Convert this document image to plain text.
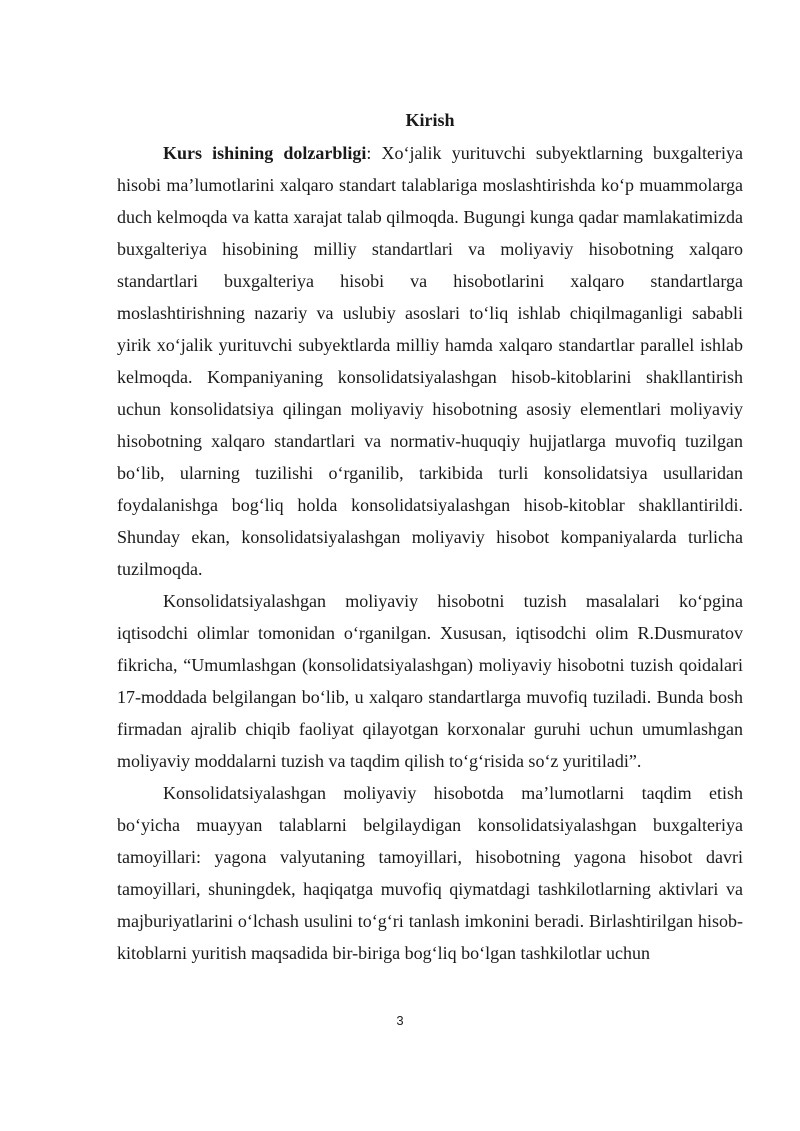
Kirish

Kurs ishining dolzarbligi: Xo‘jalik yurituvchi subyektlarning buxgalteriya hisobi ma’lumotlarini xalqaro standart talablariga moslashtirishda ko‘p muammolarga duch kelmoqda va katta xarajat talab qilmoqda. Bugungi kunga qadar mamlakatimizda buxgalteriya hisobining milliy standartlari va moliyaviy hisobotning xalqaro standartlari buxgalteriya hisobi va hisobotlarini xalqaro standartlarga moslashtirishning nazariy va uslubiy asoslari to‘liq ishlab chiqilmaganligi sababli yirik xo‘jalik yurituvchi subyektlarda milliy hamda xalqaro standartlar parallel ishlab kelmoqda. Kompaniyaning konsolidatsiyalashgan hisob-kitoblarini shakllantirish uchun konsolidatsiya qilingan moliyaviy hisobotning asosiy elementlari moliyaviy hisobotning xalqaro standartlari va normativ-huquqiy hujjatlarga muvofiq tuzilgan bo‘lib, ularning tuzilishi o‘rganilib, tarkibida turli konsolidatsiya usullaridan foydalanishga bog‘liq holda konsolidatsiyalashgan hisob-kitoblar shakllantirildi. Shunday ekan, konsolidatsiyalashgan moliyaviy hisobot kompaniyalarda turlicha tuzilmoqda.

Konsolidatsiyalashgan moliyaviy hisobotni tuzish masalalari ko‘pgina iqtisodchi olimlar tomonidan o‘rganilgan. Xususan, iqtisodchi olim R.Dusmuratov fikricha, “Umumlashgan (konsolidatsiyalashgan) moliyaviy hisobotni tuzish qoidalari 17-moddada belgilangan bo‘lib, u xalqaro standartlarga muvofiq tuziladi. Bunda bosh firmadan ajralib chiqib faoliyat qilayotgan korxonalar guruhi uchun umumlashgan moliyaviy moddalarni tuzish va taqdim qilish to‘g‘risida so‘z yuritiladi”.

Konsolidatsiyalashgan moliyaviy hisobotda ma’lumotlarni taqdim etish bo‘yicha muayyan talablarni belgilaydigan konsolidatsiyalashgan buxgalteriya tamoyillari: yagona valyutaning tamoyillari, hisobotning yagona hisobot davri tamoyillari, shuningdek, haqiqatga muvofiq qiymatdagi tashkilotlarning aktivlari va majburiyatlarini o‘lchash usulini to‘g‘ri tanlash imkonini beradi. Birlashtirilgan hisob-kitoblarni yuritish maqsadida bir-biriga bog‘liq bo‘lgan tashkilotlar uchun

3
